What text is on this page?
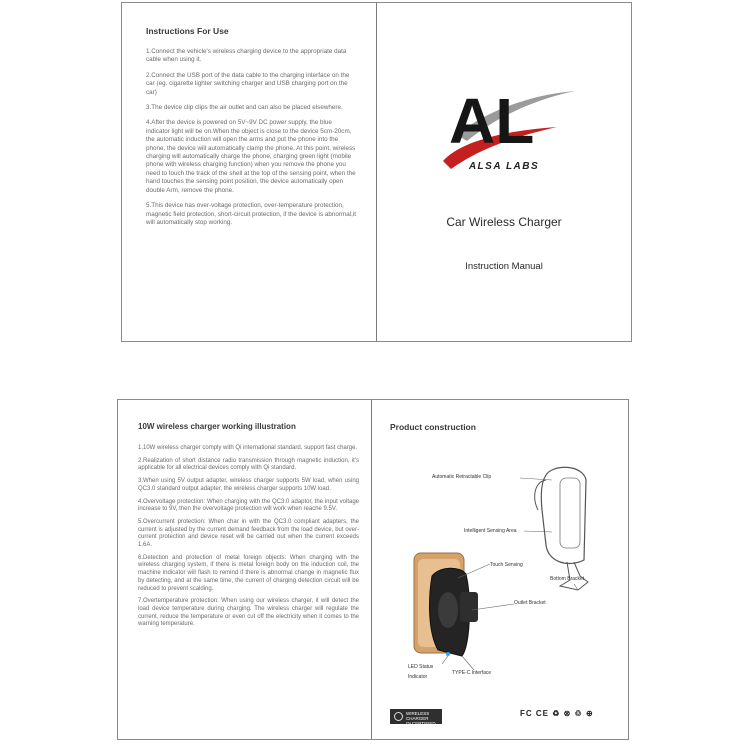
Instructions For Use

1.Connect the vehicle's wireless charging device to the appropriate data cable when using it.

2.Connect the USB port of the data cable to the charging interface on the car (eg. cigarette lighter switching charger and USB charging port on the car)

3.The device clip clips the air outlet and can also be placed elsewhere.

4.After the device is powered on 5V~9V DC power supply, the blue indicator light will be on.When the object is close to the device 5cm-20cm, the automatic induction will open the arms and put the phone into the phone, the device will automatically clamp the phone. At this point, wireless charging will automatically charge the phone, charging green light (mobile phone with wireless charging function) when you remove the phone you need to touch the track of the shell at the top of the sensing point, when the hand touches the sensing point position, the device automatically open double Arm, remove the phone.

5.This device has over-voltage protection, over-temperature protection, magnetic field protection, short-circuit protection, if the device is abnormal,it will automatically stop working.

AL
ALSA LABS
Car Wireless Charger
Instruction Manual
10W wireless charger working illustration

1.10W wireless charger comply with Qi international standard, support fast charge.

2.Realization of short distance radio transmission through magnetic induction, it's applicable for all electrical devices comply with Qi standard.

3.When using 5V output adapter, wireless charger supports 5W load, when using QC3.0 standard output adapter, the wireless charger supports 10W load.

4.Overvoltage protection: When charging with the QC3.0 adaptor, the input voltage increase to 9V, then the overvoltage protection will work when reache 9.5V.

5.Overcurrent protection: When char in with the QC3.0 compliant adapters, the current is adjusted by the current demand feedback from the load device, but over-current protection and device reset will be carried out when the current exceeds 1.6A.

6.Detection and protection of metal foreign objects: When charging with the wireless charging system, if there is metal foreign body on the induction coil, the machine indicator will flash to remind if there is abnormal change in magnetic flux by detecting, and at the same time, the current of charging detection circuit will be reduced to prevent scalding.

7.Overtemperature protection: When using our wireless charger, it will detect the load device temperature during charging. The wireless charger will regulate the current, reduce the temperature or even cut off the electricity when it comes to the warning temperature.

Product construction
Automatic Retractable Clip
Intelligent Sensing Area
Touch Sensing
Bottom Bracket
Outlet Bracket
LED Status
Indicator
TYPE-C Interface
WIRELESS CHARGER
QI CERTIFIED
FC CE ♻ ⊗ ♲ ⊕
